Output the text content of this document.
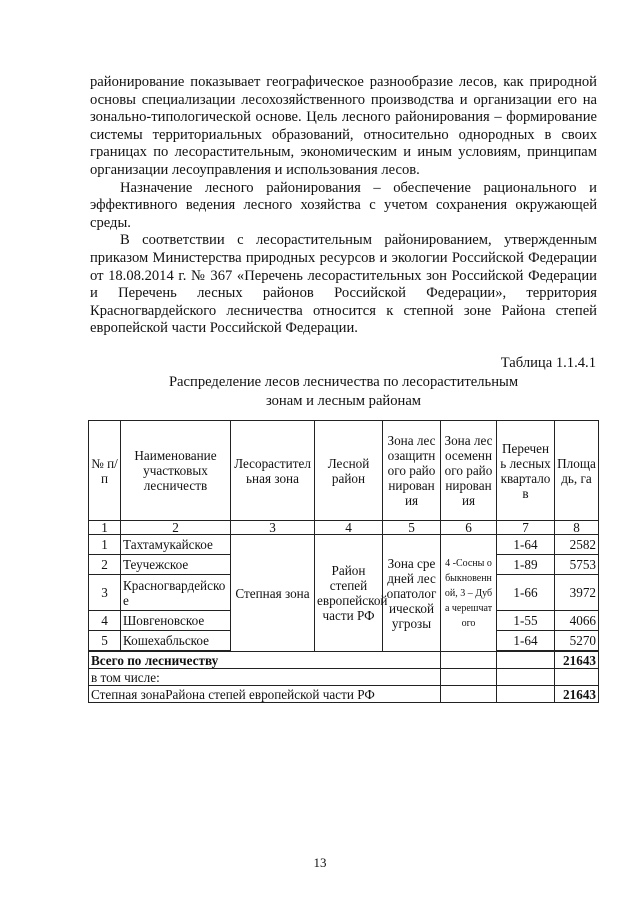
районирование показывает географическое разнообразие лесов, как природной основы специализации лесохозяйственного производства и организации его на зонально-типологической основе. Цель лесного районирования – формирование системы территориальных образований, относительно однородных в своих границах по лесорастительным, экономическим и иным условиям, принципам организации лесоуправления и использования лесов.

Назначение лесного районирования – обеспечение рационального и эффективного ведения лесного хозяйства с учетом сохранения окружающей среды.

В соответствии с лесорастительным районированием, утвержденным приказом Министерства природных ресурсов и экологии Российской Федерации от 18.08.2014 г. № 367 «Перечень лесорастительных зон Российской Федерации и Перечень лесных районов Российской Федерации», территория Красногвардейского лесничества относится к степной зоне Района степей европейской части Российской Федерации.

Таблица 1.1.4.1
Распределение лесов лесничества по лесорастительным
зонам и лесным районам
№ п/п	Наименование участковых лесничеств	Лесорастительная зона	Лесной район	Зона лесозащитного районирования	Зона лесосеменного районирования	Перечень лесных кварталов	Площадь, га
1	2	3	4	5	6	7	8
1	Тахтамукайское	Степная зона	Район степей европейской части РФ	Зона средней лесопатологической угрозы	4 -Сосны обыкновенной, 3 – Дуба черешчатого	1-64	2582
2	Теучежское					1-89	5753
3	Красногвардейское					1-66	3972
4	Шовгеновское					1-55	4066
5	Кошехабльское					1-64	5270

Всего по лесничеству							21643
в том числе:							
Степная зонаРайона степей европейской части РФ							21643
13
